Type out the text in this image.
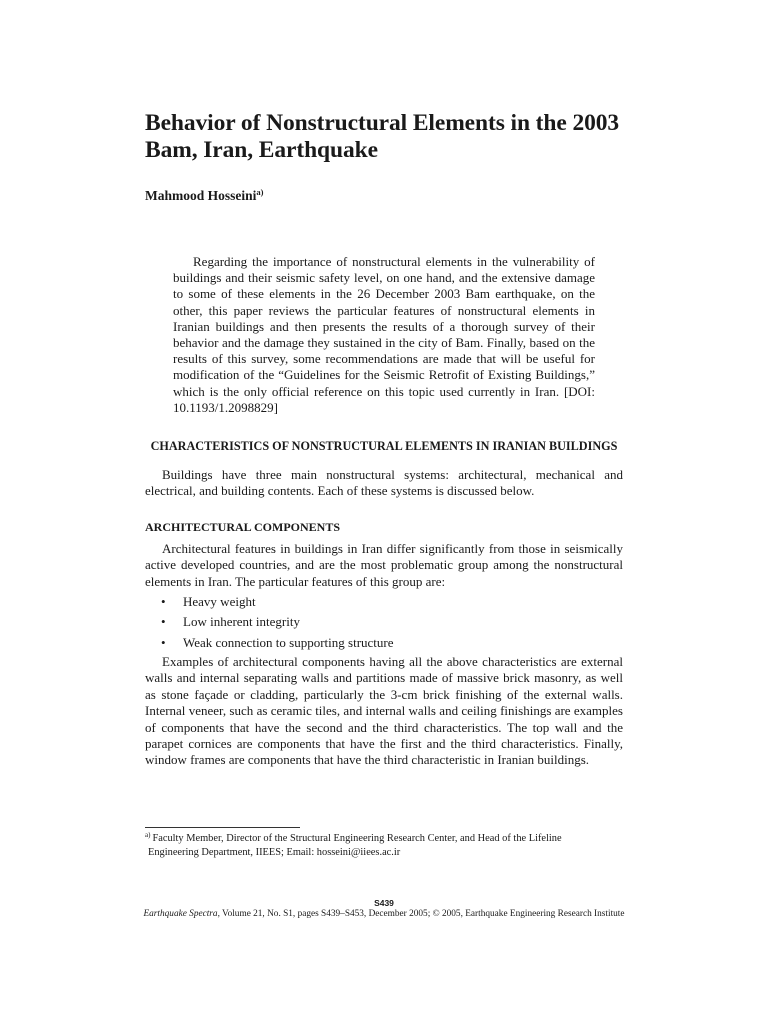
Behavior of Nonstructural Elements in the 2003 Bam, Iran, Earthquake
Mahmood Hosseini$^{a)}$

Regarding the importance of nonstructural elements in the vulnerability of buildings and their seismic safety level, on one hand, and the extensive damage to some of these elements in the 26 December 2003 Bam earthquake, on the other, this paper reviews the particular features of nonstructural elements in Iranian buildings and then presents the results of a thorough survey of their behavior and the damage they sustained in the city of Bam. Finally, based on the results of this survey, some recommendations are made that will be useful for modification of the “Guidelines for the Seismic Retrofit of Existing Buildings,” which is the only official reference on this topic used currently in Iran. [DOI: 10.1193/1.2098829]

CHARACTERISTICS OF NONSTRUCTURAL ELEMENTS IN IRANIAN BUILDINGS

Buildings have three main nonstructural systems: architectural, mechanical and electrical, and building contents. Each of these systems is discussed below.

ARCHITECTURAL COMPONENTS

Architectural features in buildings in Iran differ significantly from those in seismically active developed countries, and are the most problematic group among the nonstructural elements in Iran. The particular features of this group are:

•	Heavy weight
•	Low inherent integrity
•	Weak connection to supporting structure

Examples of architectural components having all the above characteristics are external walls and internal separating walls and partitions made of massive brick masonry, as well as stone façade or cladding, particularly the 3-cm brick finishing of the external walls. Internal veneer, such as ceramic tiles, and internal walls and ceiling finishings are examples of components that have the second and the third characteristics. The top wall and the parapet cornices are components that have the first and the third characteristics. Finally, window frames are components that have the third characteristic in Iranian buildings.

$^{a)}$ Faculty Member, Director of the Structural Engineering Research Center, and Head of the Lifeline
Engineering Department, IIEES; Email: hosseini@iiees.ac.ir
S439
Earthquake Spectra, Volume 21, No. S1, pages S439–S453, December 2005; © 2005, Earthquake Engineering Research Institute
